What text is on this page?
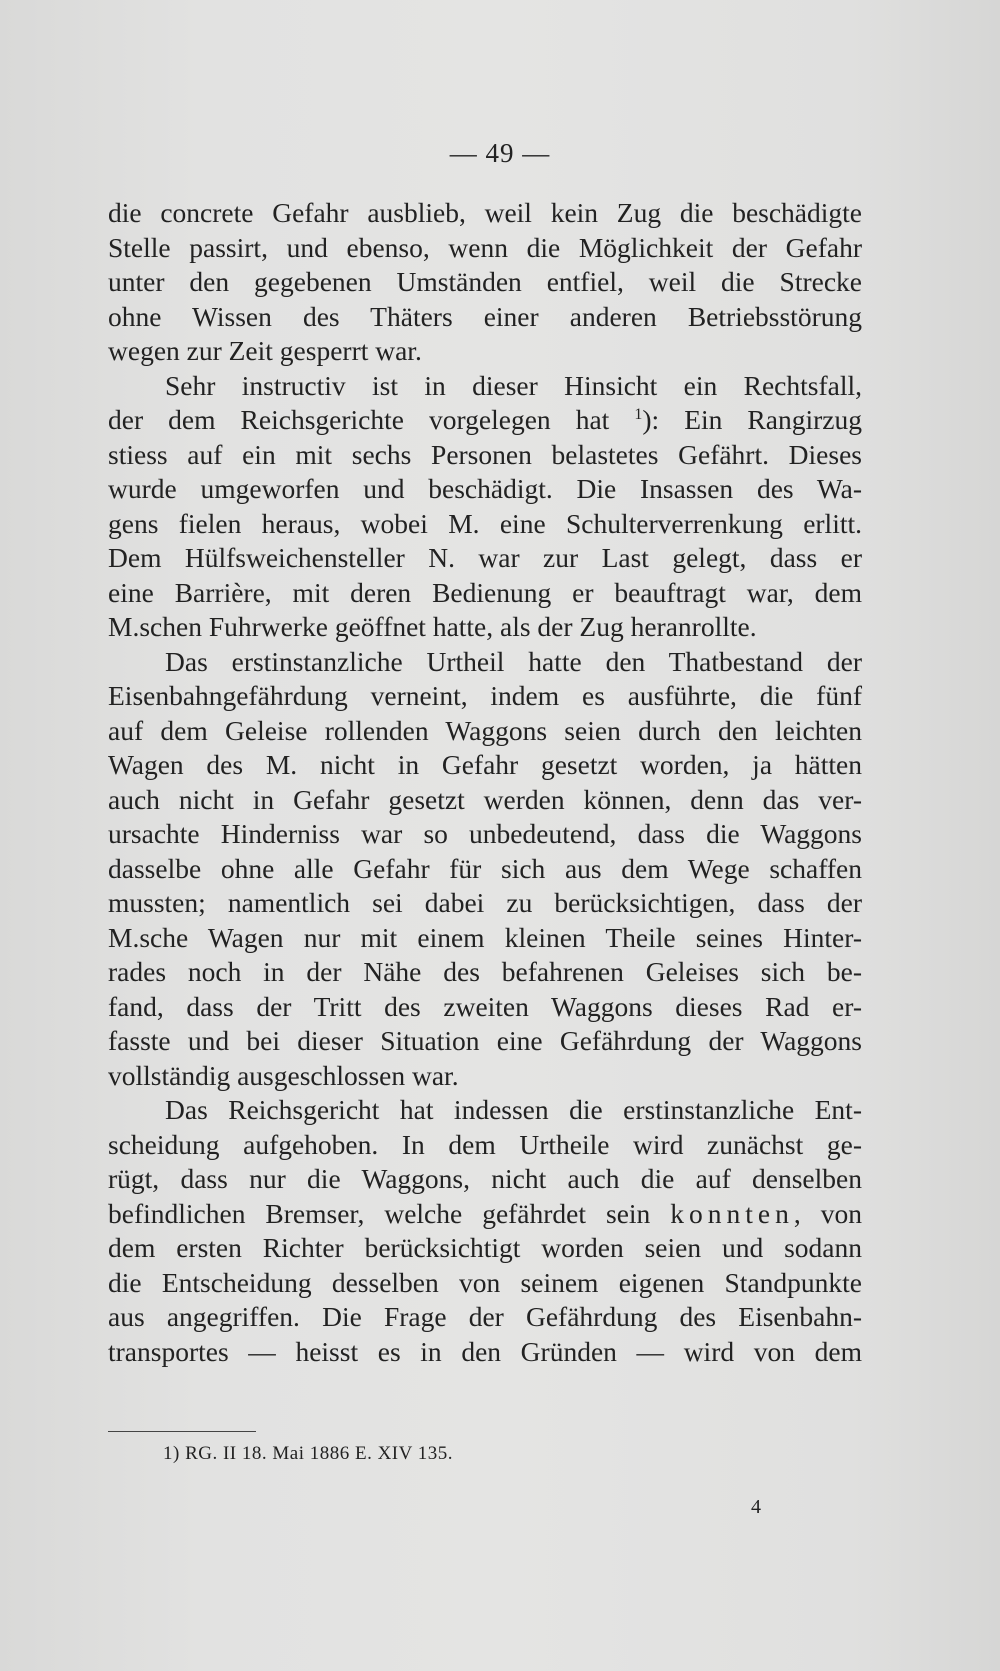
— 49 —
die concrete Gefahr ausblieb, weil kein Zug die beschädigte
Stelle passirt, und ebenso, wenn die Möglichkeit der Gefahr
unter den gegebenen Umständen entfiel, weil die Strecke
ohne Wissen des Thäters einer anderen Betriebsstörung
wegen zur Zeit gesperrt war.
Sehr instructiv ist in dieser Hinsicht ein Rechtsfall,
der dem Reichsgerichte vorgelegen hat $^1$): Ein Rangirzug
stiess auf ein mit sechs Personen belastetes Gefährt. Dieses
wurde umgeworfen und beschädigt. Die Insassen des Wa-
gens fielen heraus, wobei M. eine Schulterverrenkung erlitt.
Dem Hülfsweichensteller N. war zur Last gelegt, dass er
eine Barrière, mit deren Bedienung er beauftragt war, dem
M.schen Fuhrwerke geöffnet hatte, als der Zug heranrollte.
Das erstinstanzliche Urtheil hatte den Thatbestand der
Eisenbahngefährdung verneint, indem es ausführte, die fünf
auf dem Geleise rollenden Waggons seien durch den leichten
Wagen des M. nicht in Gefahr gesetzt worden, ja hätten
auch nicht in Gefahr gesetzt werden können, denn das ver-
ursachte Hinderniss war so unbedeutend, dass die Waggons
dasselbe ohne alle Gefahr für sich aus dem Wege schaffen
mussten; namentlich sei dabei zu berücksichtigen, dass der
M.sche Wagen nur mit einem kleinen Theile seines Hinter-
rades noch in der Nähe des befahrenen Geleises sich be-
fand, dass der Tritt des zweiten Waggons dieses Rad er-
fasste und bei dieser Situation eine Gefährdung der Waggons
vollständig ausgeschlossen war.
Das Reichsgericht hat indessen die erstinstanzliche Ent-
scheidung aufgehoben. In dem Urtheile wird zunächst ge-
rügt, dass nur die Waggons, nicht auch die auf denselben
befindlichen Bremser, welche gefährdet sein konnten, von
dem ersten Richter berücksichtigt worden seien und sodann
die Entscheidung desselben von seinem eigenen Standpunkte
aus angegriffen. Die Frage der Gefährdung des Eisenbahn-
transportes — heisst es in den Gründen — wird von dem
1) RG. II 18. Mai 1886 E. XIV 135.
4
